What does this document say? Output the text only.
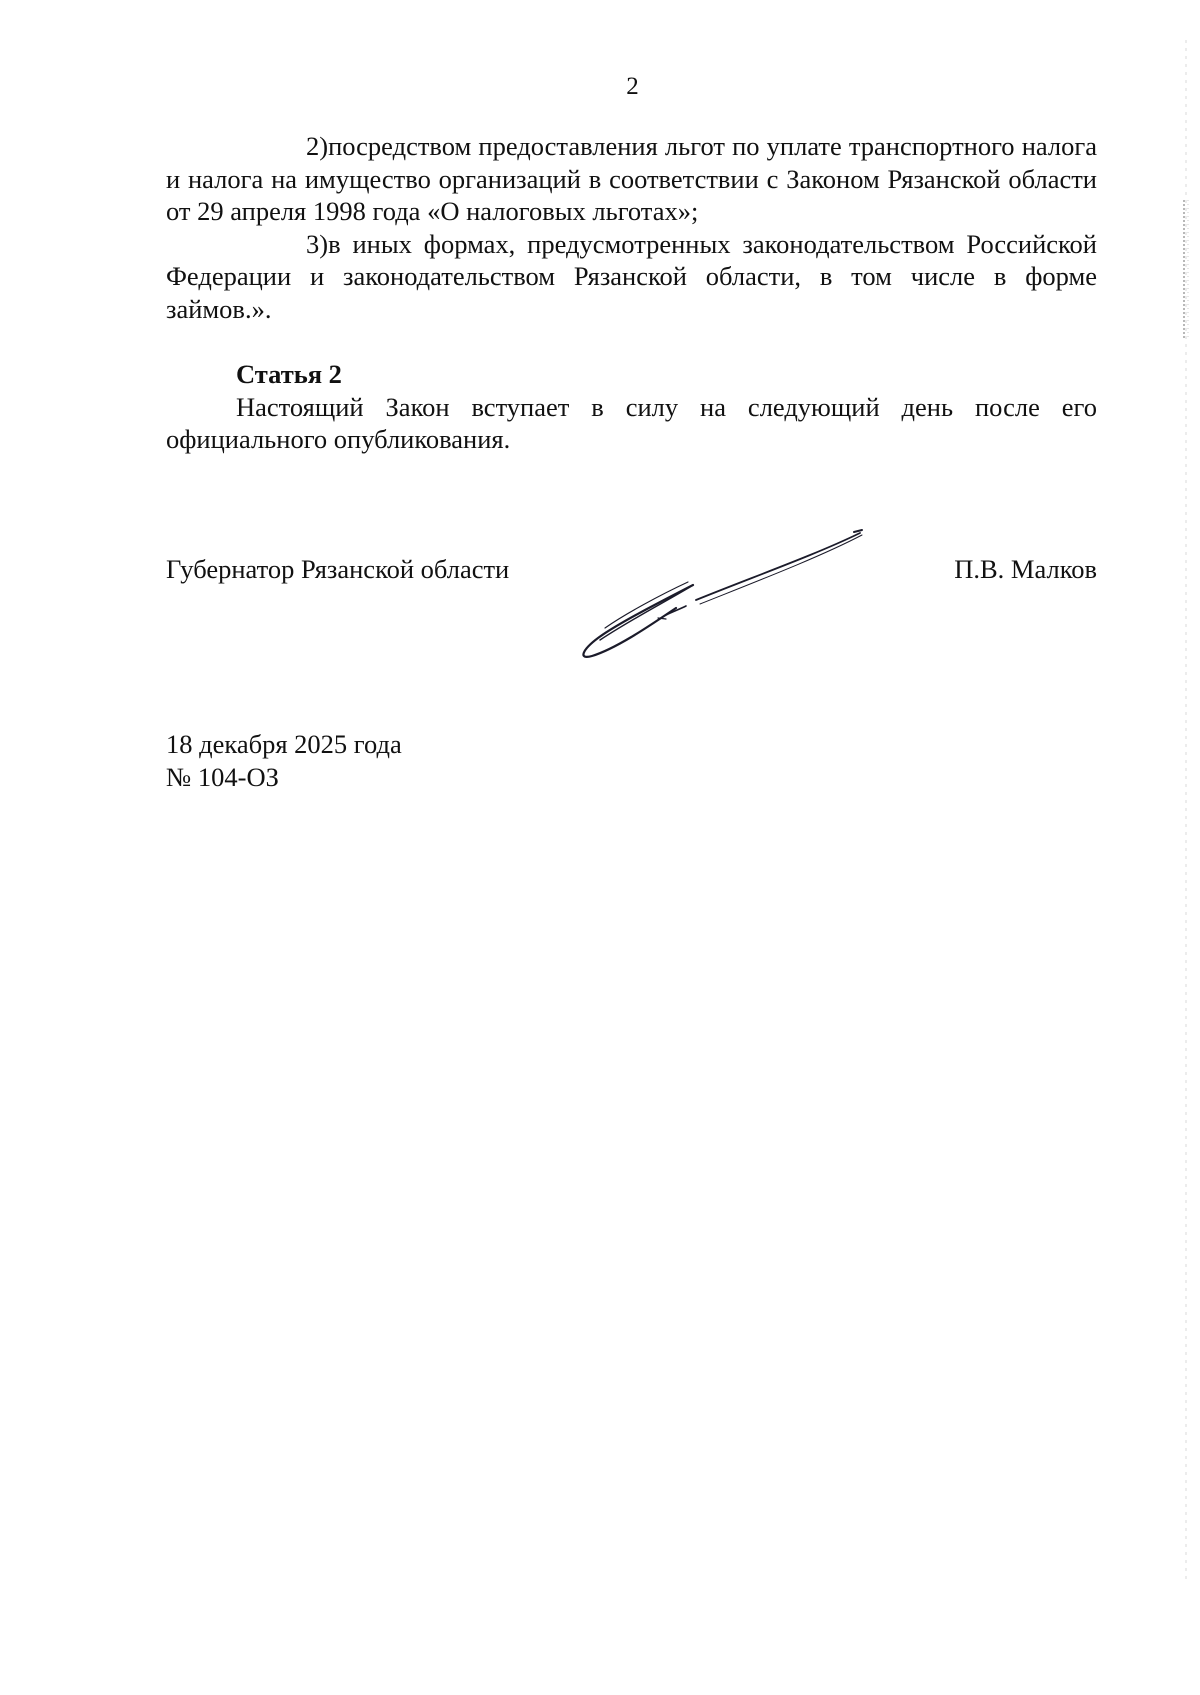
2

2)посредством предоставления льгот по уплате транспортного налога и налога на имущество организаций в соответствии с Законом Рязанской области от 29 апреля 1998 года «О налоговых льготах»;

3)в иных формах, предусмотренных законодательством Российской Федерации и законодательством Рязанской области, в том числе в форме займов.».

Статья 2

Настоящий Закон вступает в силу на следующий день после его официального опубликования.

Губернатор Рязанской области	П.В. Малков
18 декабря 2025 года
№ 104-ОЗ
